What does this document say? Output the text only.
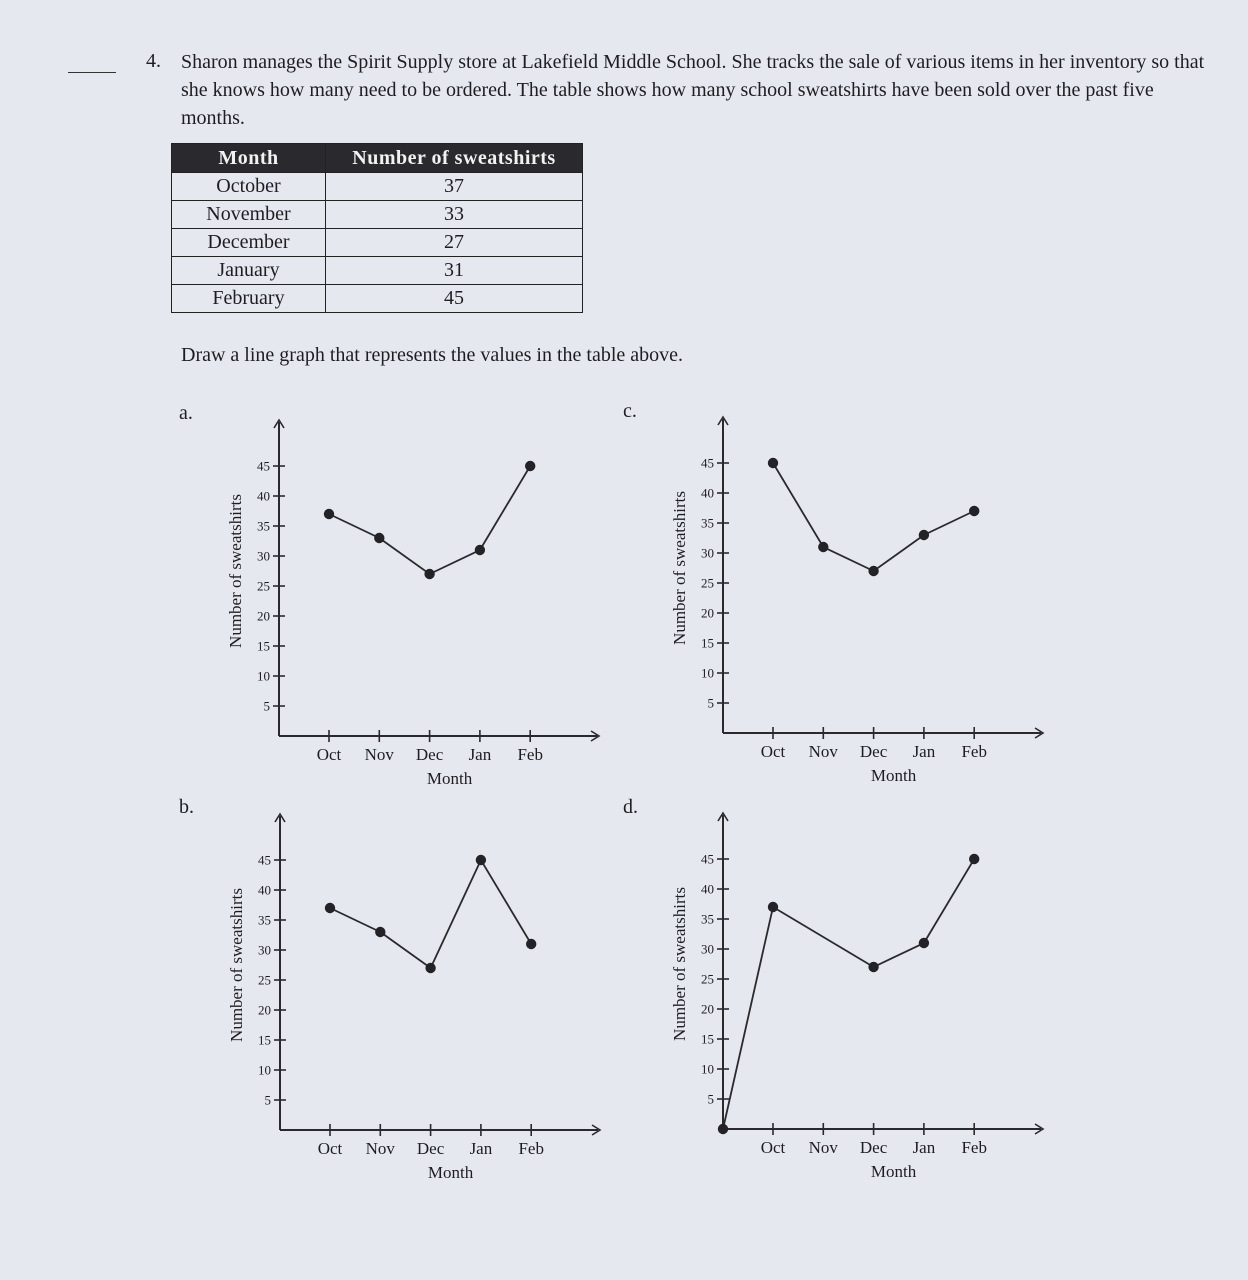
4. Sharon manages the Spirit Supply store at Lakefield Middle School. She tracks the sale of various items in her inventory so that she knows how many need to be ordered. The table shows how many school sweatshirts have been sold over the past five months.
Month	Number of sweatshirts
October	37
November	33
December	27
January	31
February	45
Draw a line graph that represents the values in the table above.
a.	c.
b.	d.
5
10
15
20
25
30
35
40
45
Oct Nov Dec Jan Feb
Month
Number of sweatshirts
5
10
15
20
25
30
35
40
45
Oct Nov Dec Jan Feb
Month
Number of sweatshirts
5
10
15
20
25
30
35
40
45
Oct Nov Dec Jan Feb
Month
Number of sweatshirts
5
10
15
20
25
30
35
40
45
Oct Nov Dec Jan Feb
Month
Number of sweatshirts
